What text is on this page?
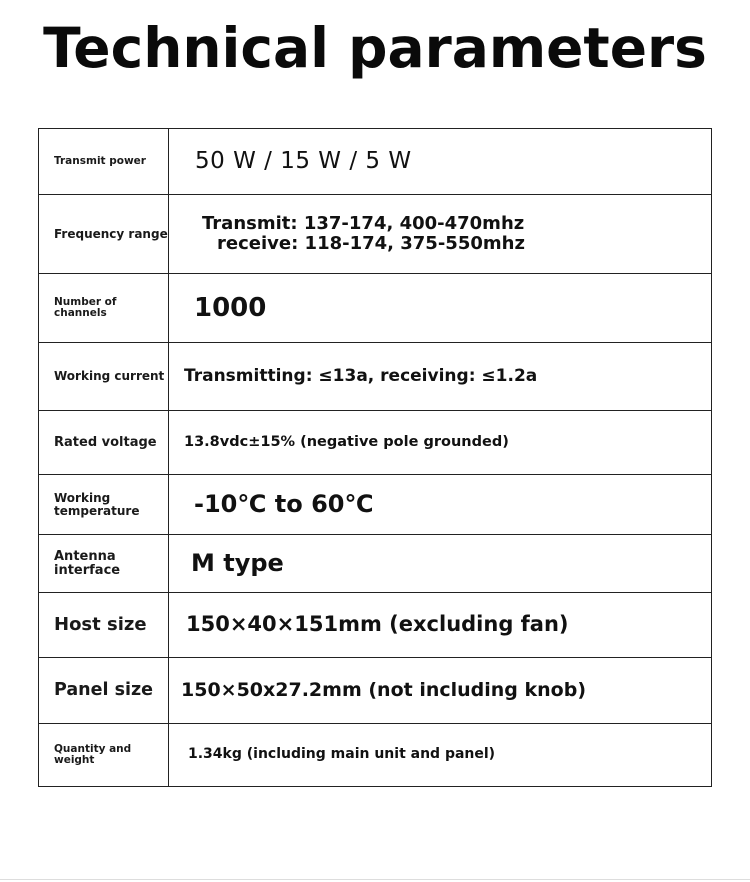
Technical parameters
Transmit power	50 W / 15 W / 5 W
Frequency range	Transmit: 137-174, 400-470mhz
receive: 118-174, 375-550mhz

Number of channels	1000
Working current	Transmitting: ≤13a, receiving: ≤1.2a
Rated voltage	13.8vdc±15% (negative pole grounded)
Working temperature	-10℃ to 60℃
Antenna interface	M type
Host size	150×40×151mm (excluding fan)
Panel size	150×50x27.2mm (not including knob)
Quantity and weight	1.34kg (including main unit and panel)
